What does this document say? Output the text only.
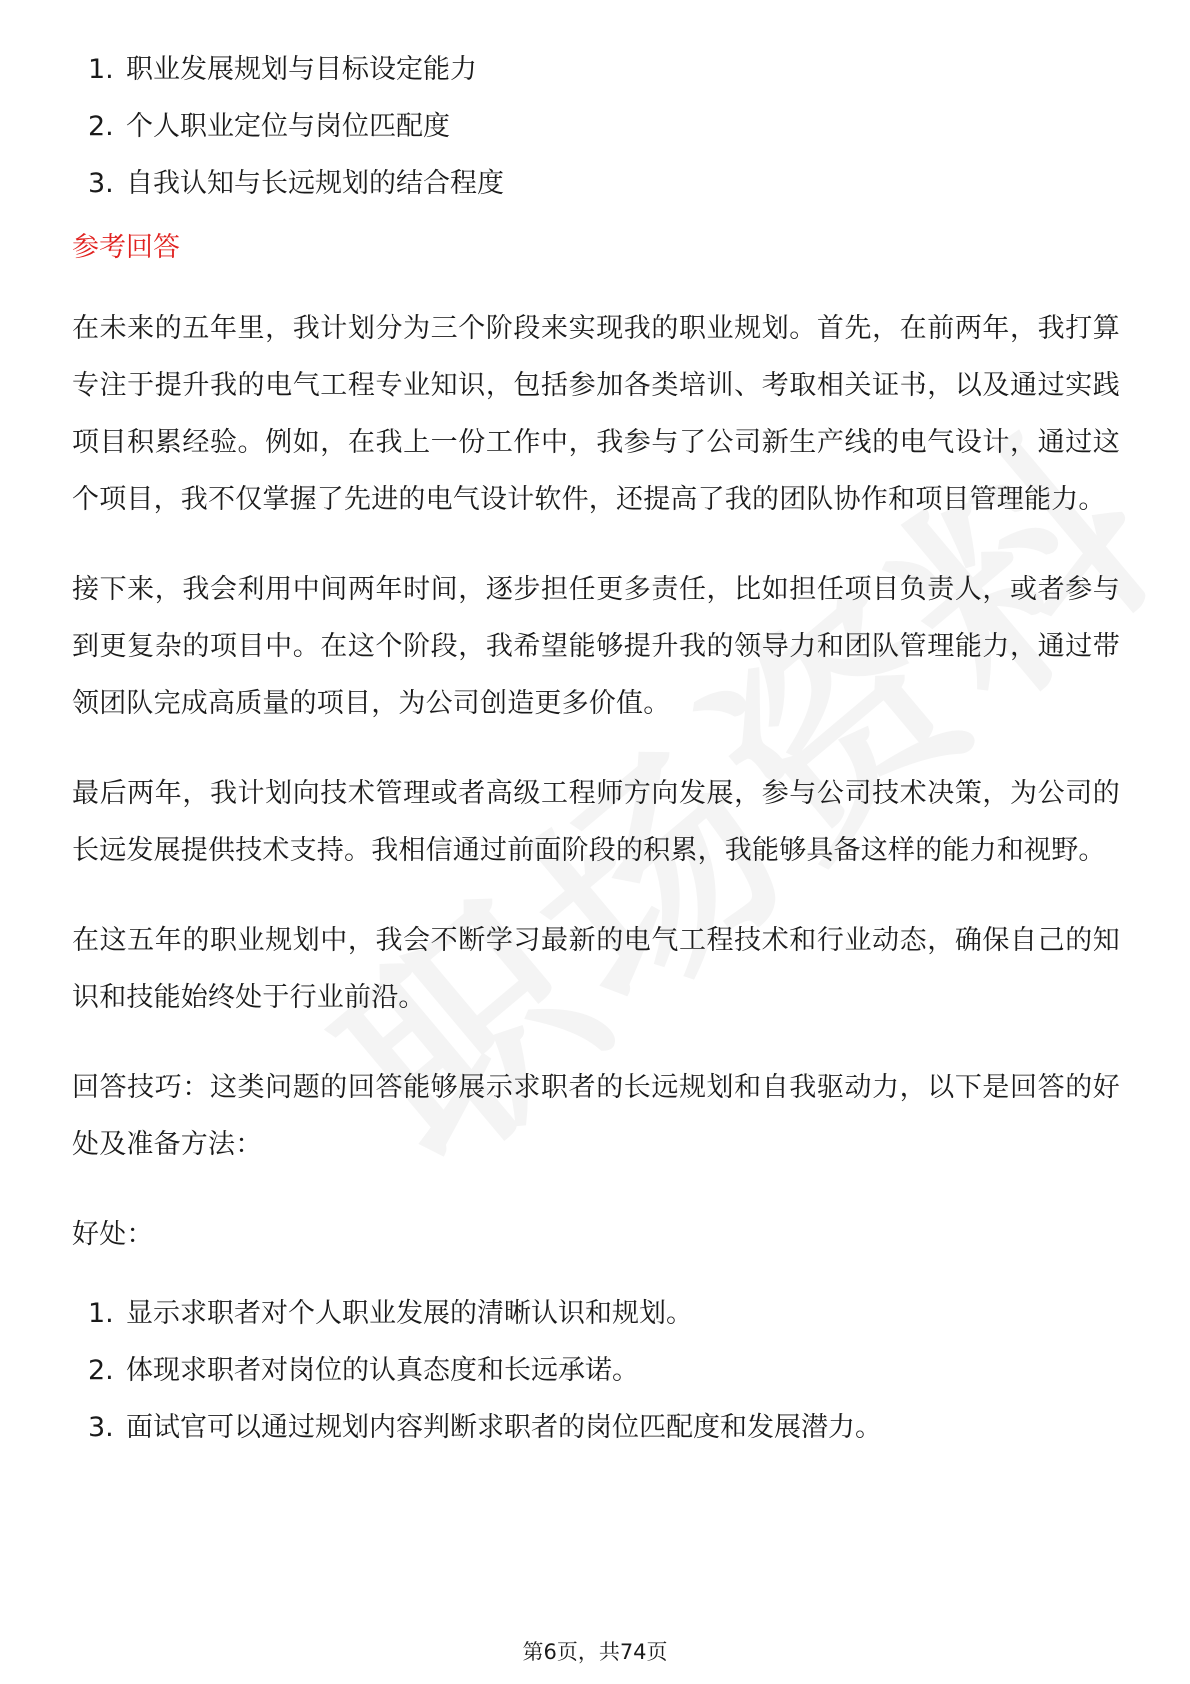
1. 职业发展规划与目标设定能力
2. 个人职业定位与岗位匹配度
3. 自我认知与长远规划的结合程度
参考回答

在未来的五年里，我计划分为三个阶段来实现我的职业规划。首先，在前两年，我打算专注于提升我的电气工程专业知识，包括参加各类培训、考取相关证书，以及通过实践项目积累经验。例如，在我上一份工作中，我参与了公司新生产线的电气设计，通过这个项目，我不仅掌握了先进的电气设计软件，还提高了我的团队协作和项目管理能力。

接下来，我会利用中间两年时间，逐步担任更多责任，比如担任项目负责人，或者参与到更复杂的项目中。在这个阶段，我希望能够提升我的领导力和团队管理能力，通过带领团队完成高质量的项目，为公司创造更多价值。

最后两年，我计划向技术管理或者高级工程师方向发展，参与公司技术决策，为公司的长远发展提供技术支持。我相信通过前面阶段的积累，我能够具备这样的能力和视野。

在这五年的职业规划中，我会不断学习最新的电气工程技术和行业动态，确保自己的知识和技能始终处于行业前沿。

回答技巧：这类问题的回答能够展示求职者的长远规划和自我驱动力，以下是回答的好处及准备方法：

好处：

1. 显示求职者对个人职业发展的清晰认识和规划。
2. 体现求职者对岗位的认真态度和长远承诺。
3. 面试官可以通过规划内容判断求职者的岗位匹配度和发展潜力。
第6页，共74页
